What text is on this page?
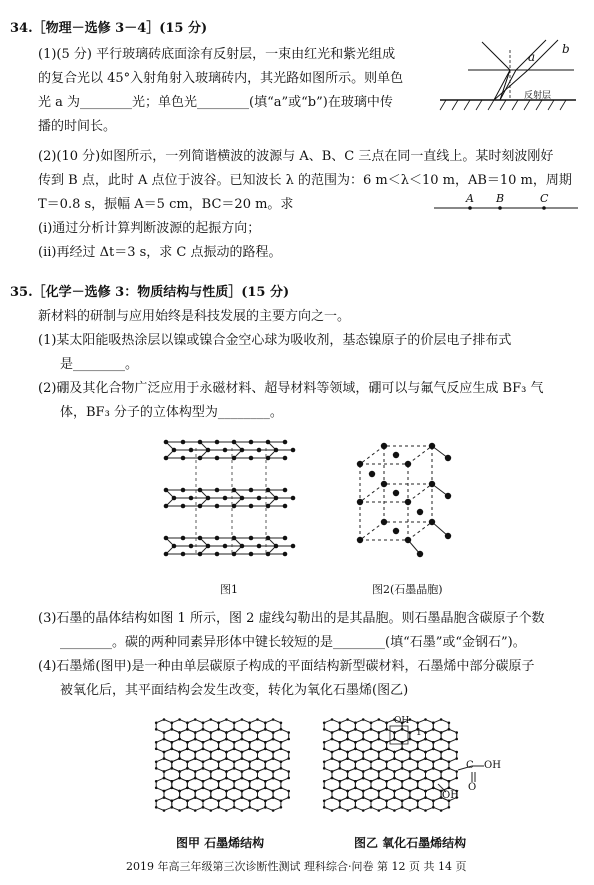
34.［物理－选修 3－4］(15 分)
(1)(5 分) 平行玻璃砖底面涂有反射层，一束由红光和紫光组成
的复合光以 45°入射角射入玻璃砖内，其光路如图所示。则单色
光 a 为________光；单色光________(填“a”或“b”)在玻璃中传
播的时间长。
a
b
反射层
(2)(10 分)如图所示，一列简谐横波的波源与 A、B、C 三点在同一直线上。某时刻波刚好
传到 B 点，此时 A 点位于波谷。已知波长 λ 的范围为：6 m＜λ＜10 m，AB＝10 m，周期
T＝0.8 s，振幅 A＝5 cm，BC＝20 m。求
(ⅰ)通过分析计算判断波源的起振方向；
(ⅱ)再经过 Δt＝3 s，求 C 点振动的路程。
A B	C
35.［化学－选修 3：物质结构与性质］(15 分)
新材料的研制与应用始终是科技发展的主要方向之一。
(1)某太阳能吸热涂层以镍或镍合金空心球为吸收剂，基态镍原子的价层电子排布式
是________。
(2)硼及其化合物广泛应用于永磁材料、超导材料等领域，硼可以与氟气反应生成 BF₃ 气
体，BF₃ 分子的立体构型为________。
图1	图2(石墨晶胞)
(3)石墨的晶体结构如图 1 所示，图 2 虚线勾勒出的是其晶胞。则石墨晶胞含碳原子个数
________。碳的两种同素异形体中键长较短的是________(填“石墨”或“金钢石”)。
(4)石墨烯(图甲)是一种由单层碳原子构成的平面结构新型碳材料，石墨烯中部分碳原子
被氧化后，其平面结构会发生改变，转化为氧化石墨烯(图乙)
OH
1
C OH
O
OH
图甲 石墨烯结构	图乙 氧化石墨烯结构
2019 年高三年级第三次诊断性测试 理科综合·问卷 第 12 页 共 14 页
